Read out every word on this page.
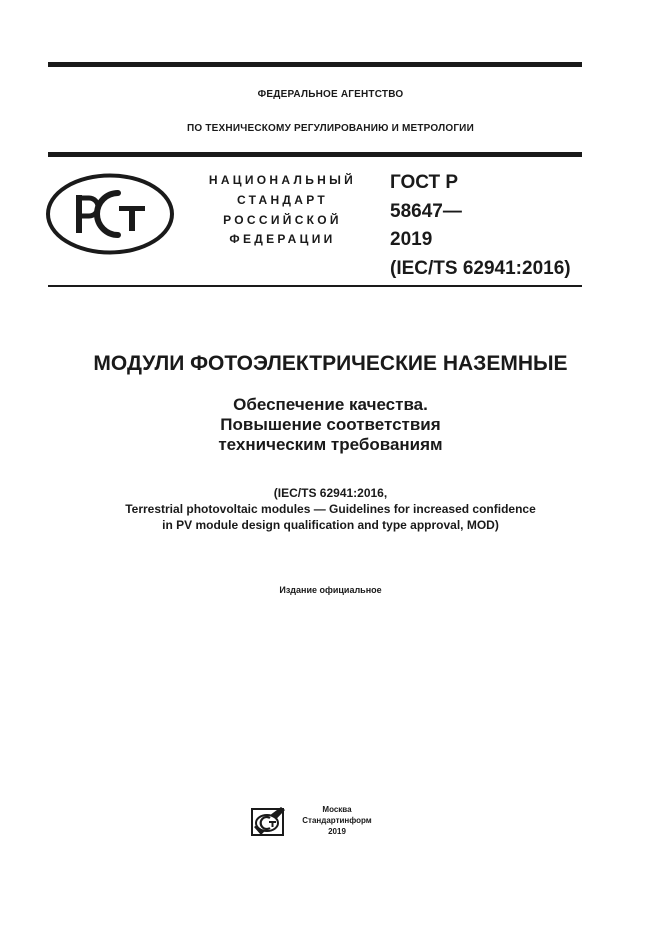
ФЕДЕРАЛЬНОЕ АГЕНТСТВО
ПО ТЕХНИЧЕСКОМУ РЕГУЛИРОВАНИЮ И МЕТРОЛОГИИ
НАЦИОНАЛЬНЫЙ
СТАНДАРТ
РОССИЙСКОЙ
ФЕДЕРАЦИИ
ГОСТ Р
58647—
2019
(IEC/TS 62941:2016)
МОДУЛИ ФОТОЭЛЕКТРИЧЕСКИЕ НАЗЕМНЫЕ
Обеспечение качества.
Повышение соответствия
техническим требованиям
(IEC/TS 62941:2016,
Terrestrial photovoltaic modules — Guidelines for increased confidence
in PV module design qualification and type approval, MOD)
Издание официальное
Москва
Стандартинформ
2019
